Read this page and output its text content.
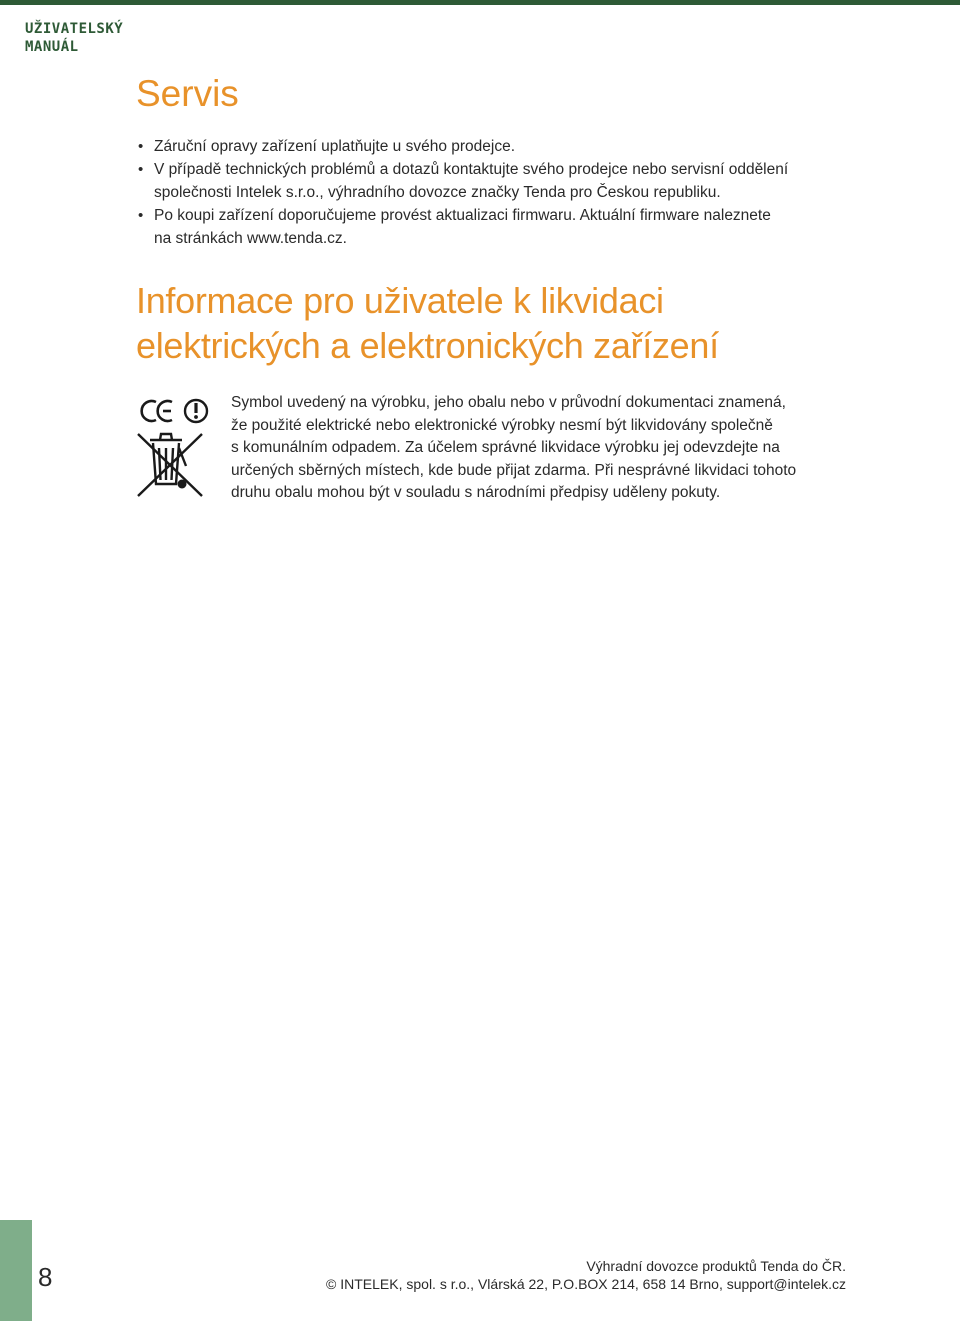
UŽIVATELSKÝ
MANUÁL
Servis
• Záruční opravy zařízení uplatňujte u svého prodejce.
• V případě technických problémů a dotazů kontaktujte svého prodejce nebo servisní oddělení
společnosti Intelek s.r.o., výhradního dovozce značky Tenda pro Českou republiku.
• Po koupi zařízení doporučujeme provést aktualizaci firmwaru. Aktuální firmware naleznete
na stránkách www.tenda.cz.
Informace pro uživatele k likvidaci
elektrických a elektronických zařízení
Symbol uvedený na výrobku, jeho obalu nebo v průvodní dokumentaci znamená,
že použité elektrické nebo elektronické výrobky nesmí být likvidovány společně
s komunálním odpadem. Za účelem správné likvidace výrobku jej odevzdejte na
určených sběrných místech, kde bude přijat zdarma. Při nesprávné likvidaci tohoto
druhu obalu mohou být v souladu s národními předpisy uděleny pokuty.
8	Výhradní dovozce produktů Tenda do ČR.
© INTELEK, spol. s r.o., Vlárská 22, P.O.BOX 214, 658 14 Brno, support@intelek.cz
